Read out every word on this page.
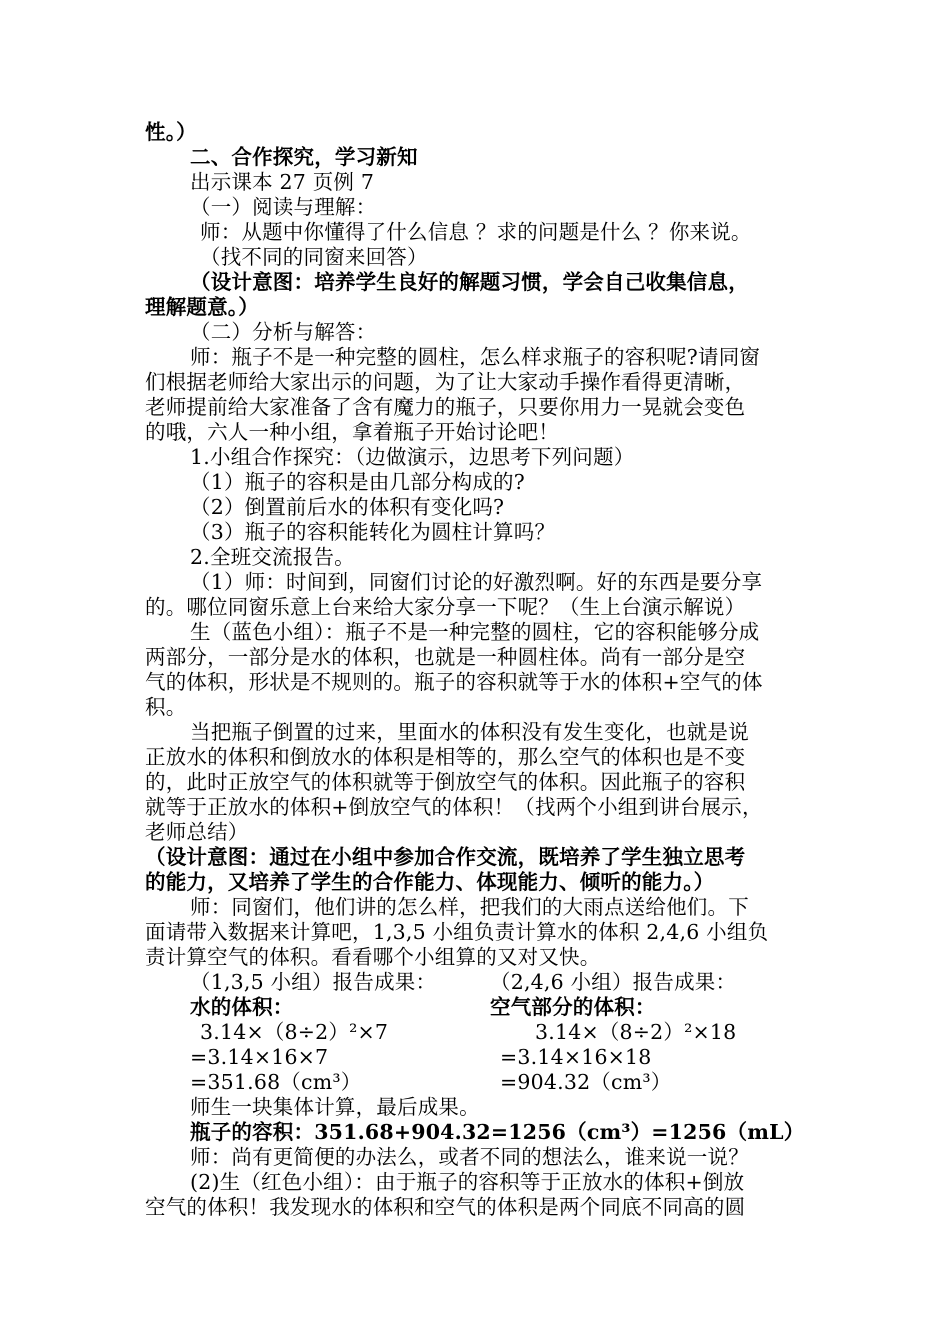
性。）
二、合作探究，学习新知
出示课本 27 页例 7
（一）阅读与理解：
师：从题中你懂得了什么信息 ？求的问题是什么 ？你来说。
（找不同的同窗来回答）
（设计意图：培养学生良好的解题习惯，学会自己收集信息，
理解题意。）
（二）分析与解答：
师：瓶子不是一种完整的圆柱，怎么样求瓶子的容积呢?请同窗
们根据老师给大家出示的问题，为了让大家动手操作看得更清晰，
老师提前给大家准备了含有魔力的瓶子，只要你用力一晃就会变色
的哦，六人一种小组，拿着瓶子开始讨论吧！
1.小组合作探究：（边做演示，边思考下列问题）
（1）瓶子的容积是由几部分构成的?
（2）倒置前后水的体积有变化吗?
（3）瓶子的容积能转化为圆柱计算吗？
2.全班交流报告。
（1）师：时间到，同窗们讨论的好激烈啊。好的东西是要分享
的。哪位同窗乐意上台来给大家分享一下呢？（生上台演示解说）
生（蓝色小组）：瓶子不是一种完整的圆柱，它的容积能够分成
两部分，一部分是水的体积，也就是一种圆柱体。尚有一部分是空
气的体积，形状是不规则的。瓶子的容积就等于水的体积+空气的体
积。
当把瓶子倒置的过来，里面水的体积没有发生变化，也就是说
正放水的体积和倒放水的体积是相等的，那么空气的体积也是不变
的，此时正放空气的体积就等于倒放空气的体积。因此瓶子的容积
就等于正放水的体积+倒放空气的体积！（找两个小组到讲台展示，
老师总结）
（设计意图：通过在小组中参加合作交流，既培养了学生独立思考
的能力，又培养了学生的合作能力、体现能力、倾听的能力。）
师：同窗们，他们讲的怎么样，把我们的大雨点送给他们。下
面请带入数据来计算吧，1,3,5 小组负责计算水的体积 2,4,6 小组负
责计算空气的体积。看看哪个小组算的又对又快。
师生一块集体计算，最后成果。
瓶子的容积：351.68+904.32=1256（cm³）=1256（mL）
师：尚有更简便的办法么，或者不同的想法么，谁来说一说？
(2)生（红色小组）：由于瓶子的容积等于正放水的体积+倒放
空气的体积！我发现水的体积和空气的体积是两个同底不同高的圆
（1,3,5 小组）报告成果：
水的体积：
3.14×（8÷2）²×7
=3.14×16×7
=351.68（cm³）
（2,4,6 小组）报告成果：
空气部分的体积：
3.14×（8÷2）²×18
=3.14×16×18
=904.32（cm³）
